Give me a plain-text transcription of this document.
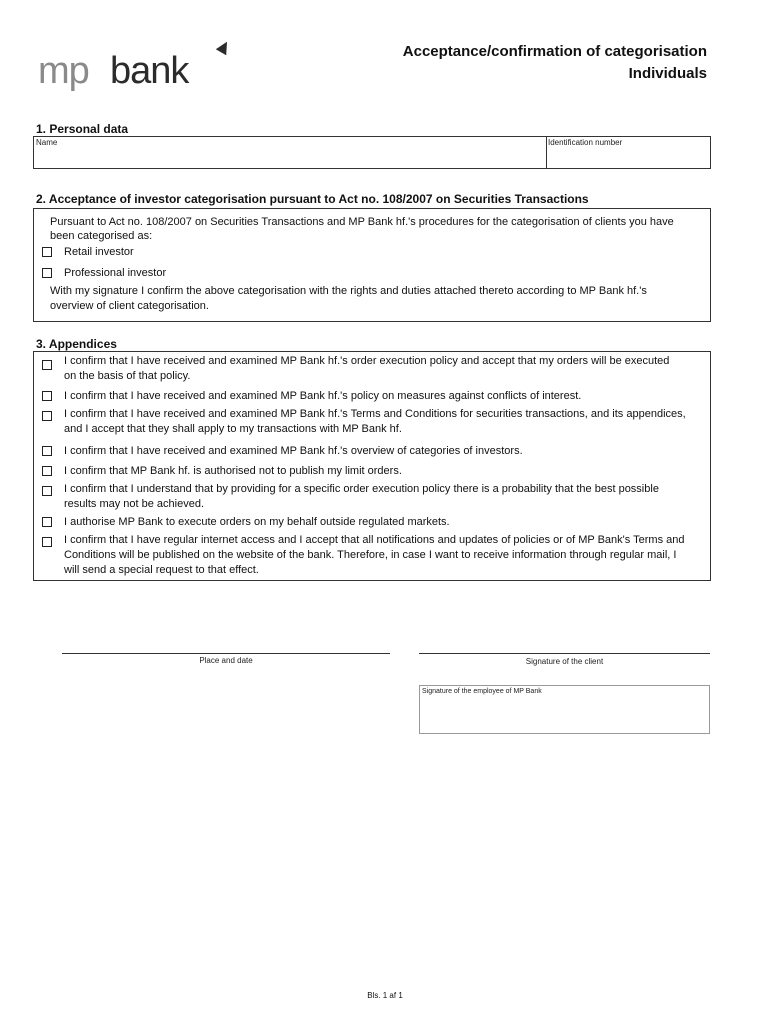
mp bank	Acceptance/confirmation of categorisation
Individuals
1. Personal data
Name	Identification number
2. Acceptance of investor categorisation pursuant to Act no. 108/2007 on Securities Transactions
Pursuant to Act no. 108/2007 on Securities Transactions and MP Bank hf.'s procedures for the categorisation of clients you have
been categorised as:
Retail investor
Professional investor
With my signature I confirm the above categorisation with the rights and duties attached thereto according to MP Bank hf.'s
overview of client categorisation.
3. Appendices
I confirm that I have received and examined MP Bank hf.'s order execution policy and accept that my orders will be executed
on the basis of that policy.
I confirm that I have received and examined MP Bank hf.'s policy on measures against conflicts of interest.
I confirm that I have received and examined MP Bank hf.'s Terms and Conditions for securities transactions, and its appendices,
and I accept that they shall apply to my transactions with MP Bank hf.
I confirm that I have received and examined MP Bank hf.'s overview of categories of investors.
I confirm that MP Bank hf. is authorised not to publish my limit orders.
I confirm that I understand that by providing for a specific order execution policy there is a probability that the best possible
results may not be achieved.
I authorise MP Bank to execute orders on my behalf outside regulated markets.
I confirm that I have regular internet access and I accept that all notifications and updates of policies or of MP Bank's Terms and
Conditions will be published on the website of the bank. Therefore, in case I want to receive information through regular mail, I
will send a special request to that effect.
Place and date	Signature of the client
Signature of the employee of MP Bank
Bls. 1 af 1
